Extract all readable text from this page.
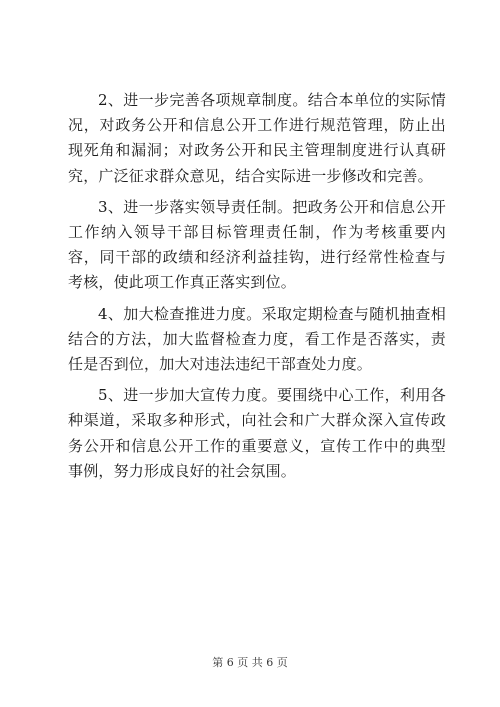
2、进一步完善各项规章制度。结合本单位的实际情况，对政务公开和信息公开工作进行规范管理，防止出现死角和漏洞；对政务公开和民主管理制度进行认真研究，广泛征求群众意见，结合实际进一步修改和完善。

3、进一步落实领导责任制。把政务公开和信息公开工作纳入领导干部目标管理责任制，作为考核重要内容，同干部的政绩和经济利益挂钩，进行经常性检查与考核，使此项工作真正落实到位。

4、加大检查推进力度。采取定期检查与随机抽查相结合的方法，加大监督检查力度，看工作是否落实，责任是否到位，加大对违法违纪干部查处力度。

5、进一步加大宣传力度。要围绕中心工作，利用各种渠道，采取多种形式，向社会和广大群众深入宣传政务公开和信息公开工作的重要意义，宣传工作中的典型事例，努力形成良好的社会氛围。

第 6 页 共 6 页
